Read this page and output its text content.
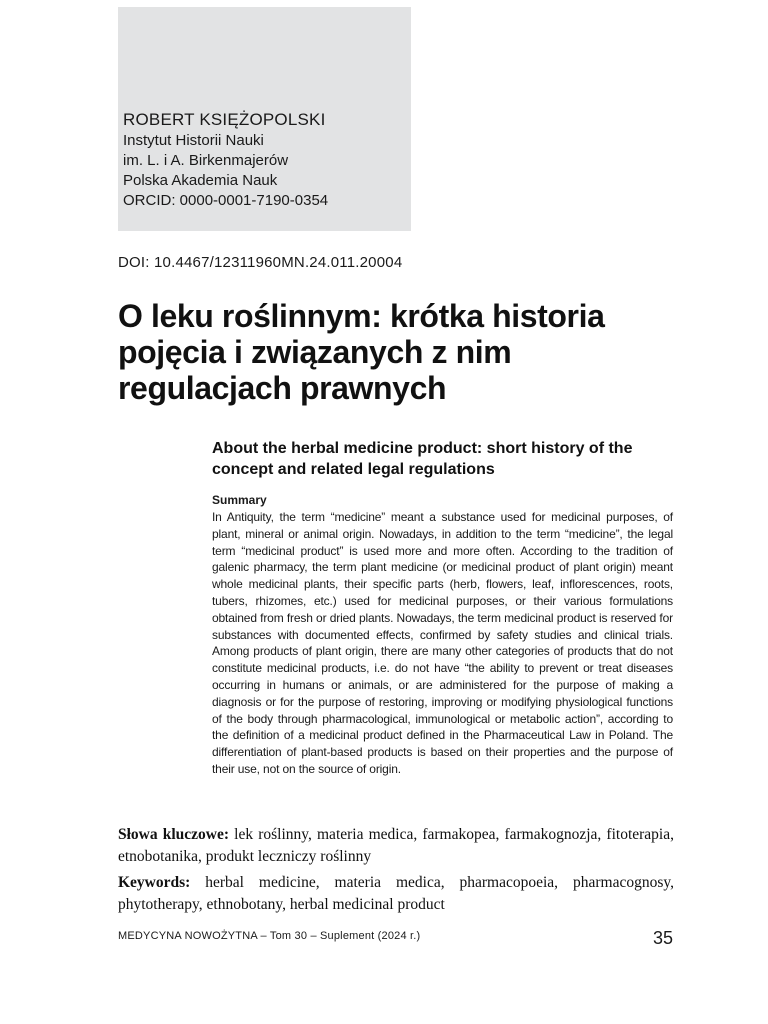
ROBERT KSIĘŻOPOLSKI
Instytut Historii Nauki
im. L. i A. Birkenmajerów
Polska Akademia Nauk
ORCID: 0000-0001-7190-0354
DOI: 10.4467/12311960MN.24.011.20004
O leku roślinnym: krótka historia pojęcia i związanych z nim regulacjach prawnych
About the herbal medicine product: short history of the concept and related legal regulations
Summary

In Antiquity, the term “medicine” meant a substance used for medicinal purposes, of plant, mineral or animal origin. Nowadays, in addition to the term “medicine”, the legal term “medicinal product” is used more and more often. According to the tradition of galenic pharmacy, the term plant medicine (or medicinal product of plant origin) meant whole medicinal plants, their specific parts (herb, flowers, leaf, inflorescences, roots, tubers, rhizomes, etc.) used for medicinal purposes, or their various formulations obtained from fresh or dried plants. Nowadays, the term medicinal product is reserved for substances with documented effects, confirmed by safety studies and clinical trials. Among products of plant origin, there are many other categories of products that do not constitute medicinal products, i.e. do not have “the ability to prevent or treat diseases occurring in humans or animals, or are administered for the purpose of making a diagnosis or for the purpose of restoring, improving or modifying physiological functions of the body through pharmacological, immunological or metabolic action”, according to the definition of a medicinal product defined in the Pharmaceutical Law in Poland. The differentiation of plant-based products is based on their properties and the purpose of their use, not on the source of origin.

Słowa kluczowe: lek roślinny, materia medica, farmakopea, farmakognozja, fitoterapia, etnobotanika, produkt leczniczy roślinny

Keywords: herbal medicine, materia medica, pharmacopoeia, pharmacognosy, phytotherapy, ethnobotany, herbal medicinal product

MEDYCYNA NOWOŻYTNA – Tom 30 – Suplement (2024 r.)	35
